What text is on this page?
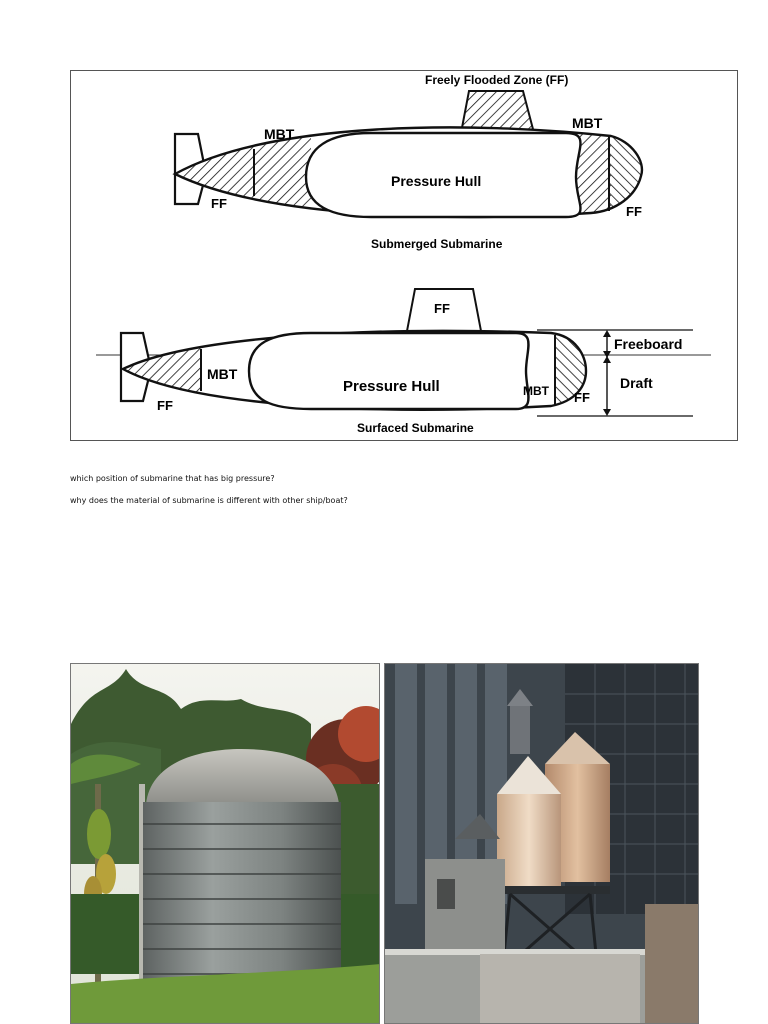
Freely Flooded Zone (FF)
MBT
MBT
Pressure Hull
FF
FF
Submerged Submarine
FF
MBT
MBT
Pressure Hull
FF
FF
Freeboard
Draft
Surfaced Submarine
which position of submarine that has big pressure?
why does the material of submarine is different with other ship/boat?
